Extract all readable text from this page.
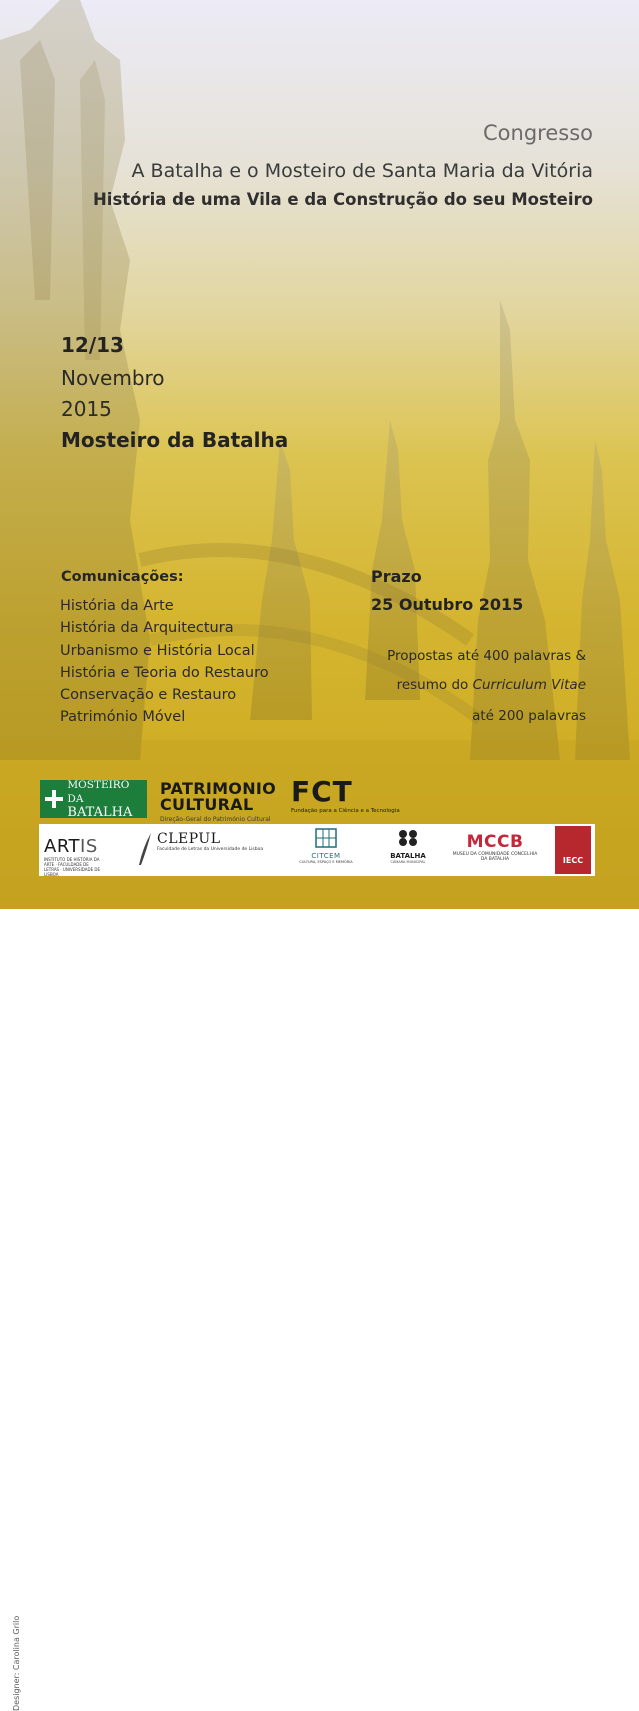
Congresso
A Batalha e o Mosteiro de Santa Maria da Vitória
História de uma Vila e da Construção do seu Mosteiro
12/13
Novembro
2015
Mosteiro da Batalha
Comunicações:
História da Arte
História da Arquitectura
Urbanismo e História Local
História e Teoria do Restauro
Conservação e Restauro
Património Móvel
Prazo
25 Outubro 2015
Propostas até 400 palavras &
resumo do Curriculum Vitae
até 200 palavras
Designer: Carolina Grilo
MOSTEIRO DA
BATALHA
PATRIMONIO
CULTURAL
Direção-Geral do Património Cultural
FCT
Fundação para a Ciência e a Tecnologia
ARTIS
INSTITUTO DE HISTÓRIA DA ARTE · FACULDADE DE LETRAS · UNIVERSIDADE DE LISBOA
CLEPUL
Faculdade de Letras da Universidade de Lisboa
CITCEM
CULTURA, ESPAÇO E MEMÓRIA
BATALHA
CÂMARA MUNICIPAL
MCCB
MUSEU DA COMUNIDADE CONCELHIA DA BATALHA	IECC
